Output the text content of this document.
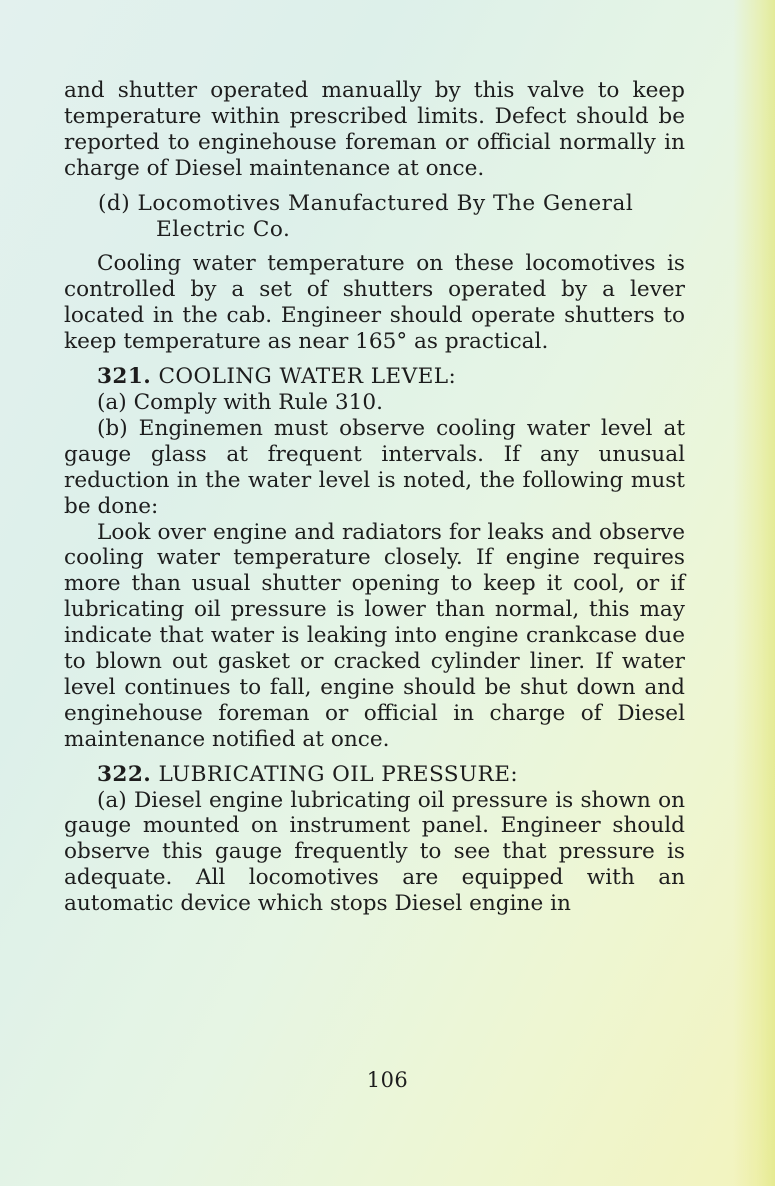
and shutter operated manually by this valve to keep temperature within prescribed limits. Defect should be reported to enginehouse foreman or official normally in charge of Diesel maintenance at once.

(d) Locomotives Manufactured By The General Electric Co.

Cooling water temperature on these locomotives is controlled by a set of shutters operated by a lever located in the cab. Engineer should operate shutters to keep temperature as near 165° as practical.

321. COOLING WATER LEVEL:

(a) Comply with Rule 310.

(b) Enginemen must observe cooling water level at gauge glass at frequent intervals. If any unusual reduction in the water level is noted, the following must be done:

Look over engine and radiators for leaks and observe cooling water temperature closely. If engine requires more than usual shutter opening to keep it cool, or if lubricating oil pressure is lower than normal, this may indicate that water is leaking into engine crankcase due to blown out gasket or cracked cylinder liner. If water level continues to fall, engine should be shut down and enginehouse foreman or official in charge of Diesel maintenance notified at once.

322. LUBRICATING OIL PRESSURE:

(a) Diesel engine lubricating oil pressure is shown on gauge mounted on instrument panel. Engineer should observe this gauge frequently to see that pressure is adequate. All locomotives are equipped with an automatic device which stops Diesel engine in

106
